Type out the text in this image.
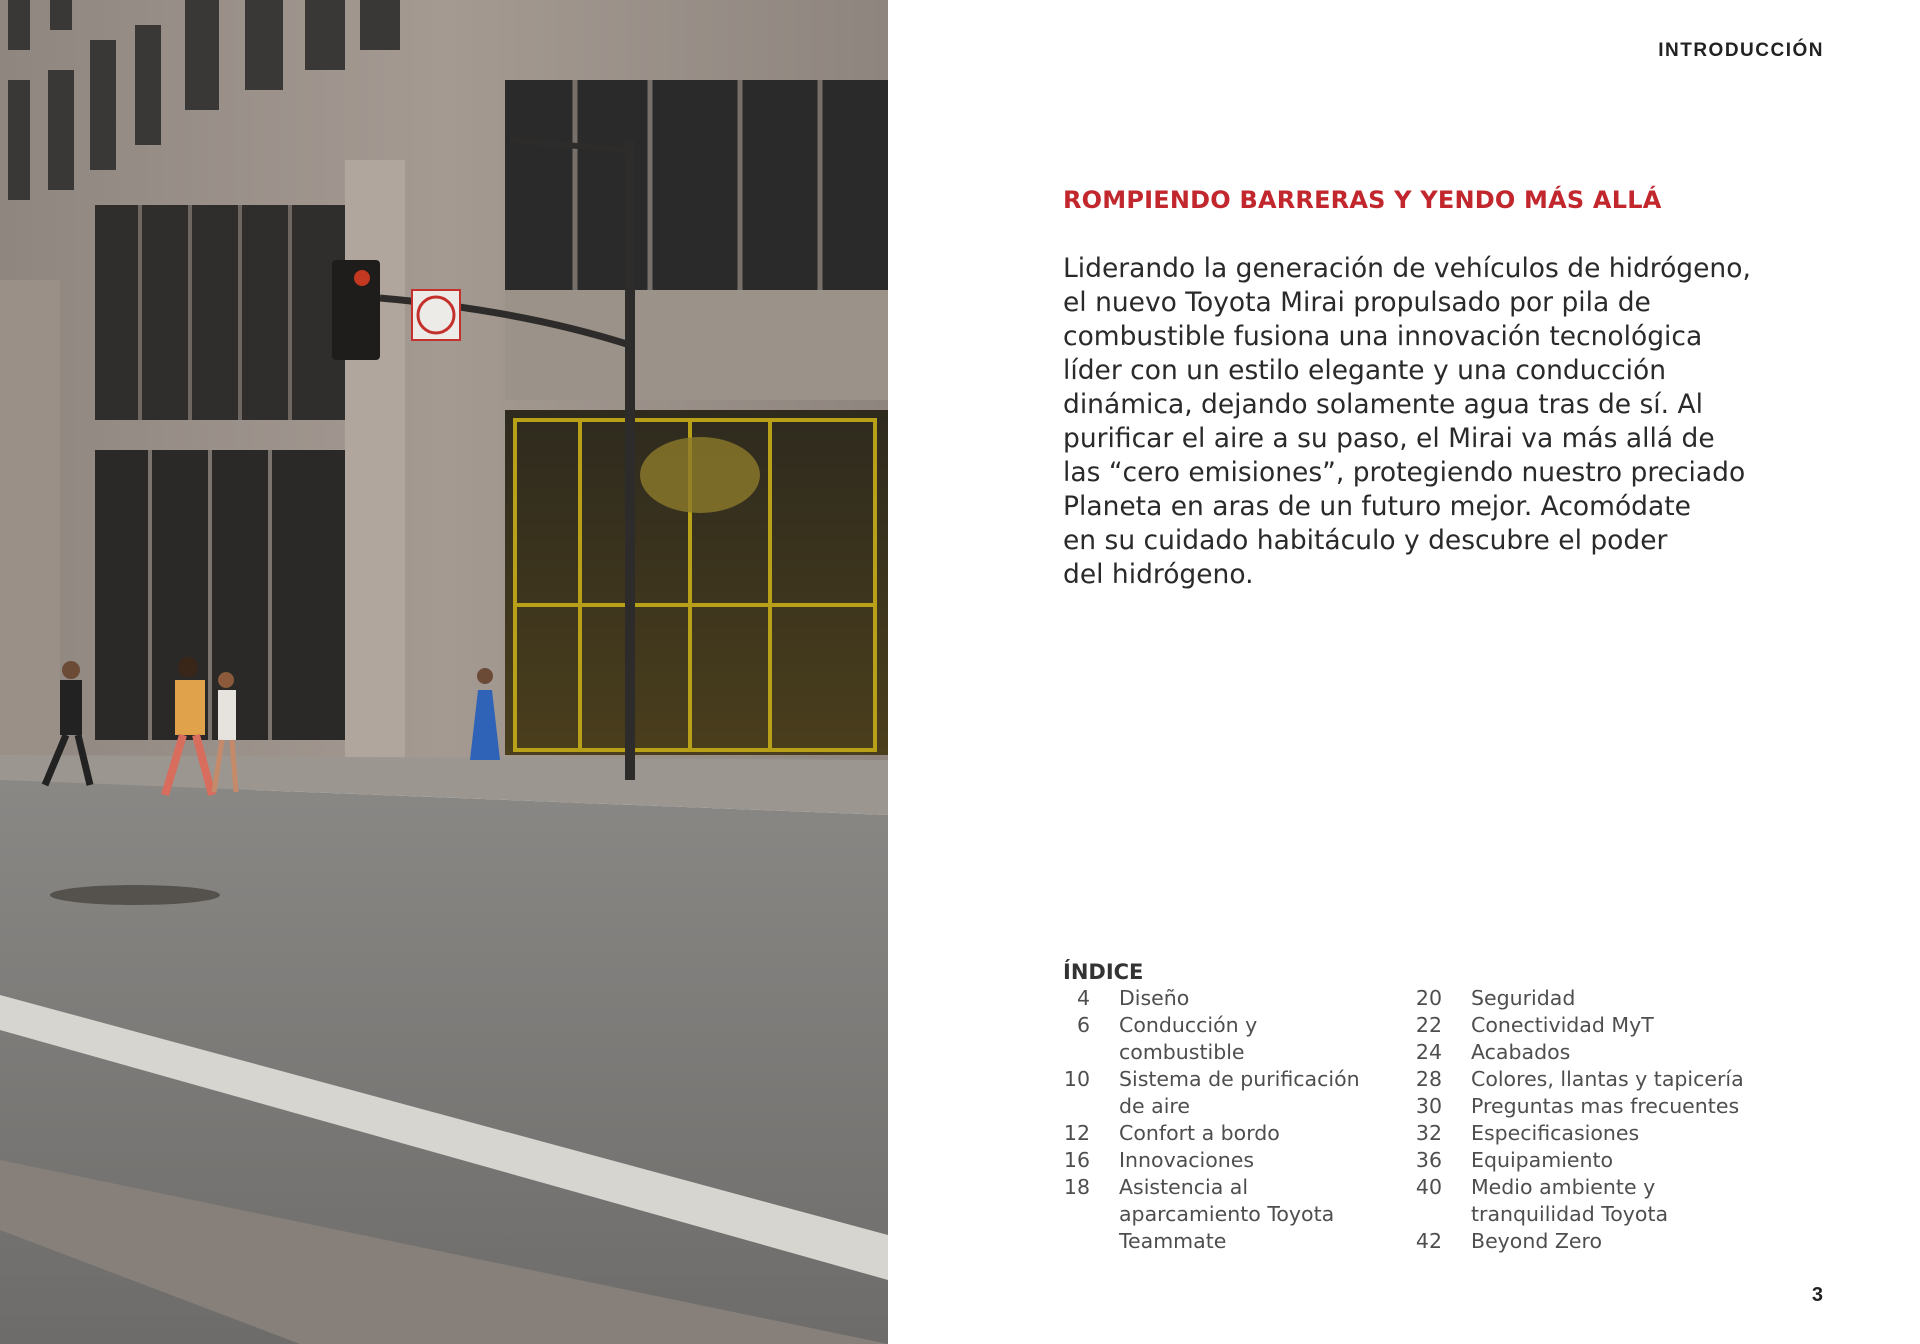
INTRODUCCIÓN
ROMPIENDO BARRERAS Y YENDO MÁS ALLÁ
Liderando la generación de vehículos de hidrógeno,
el nuevo Toyota Mirai propulsado por pila de
combustible fusiona una innovación tecnológica
líder con un estilo elegante y una conducción
dinámica, dejando solamente agua tras de sí. Al
purificar el aire a su paso, el Mirai va más allá de
las “cero emisiones”, protegiendo nuestro preciado
Planeta en aras de un futuro mejor. Acomódate
en su cuidado habitáculo y descubre el poder
del hidrógeno.
ÍNDICE
4	Diseño
6	Conducción y
combustible
10	Sistema de purificación
de aire
12	Confort a bordo
16	Innovaciones
18	Asistencia al
aparcamiento Toyota
Teammate
20	Seguridad
22	Conectividad MyT
24	Acabados
28	Colores, llantas y tapicería
30	Preguntas mas frecuentes
32	Especificasiones
36	Equipamiento
40	Medio ambiente y
tranquilidad Toyota
42	Beyond Zero
3
